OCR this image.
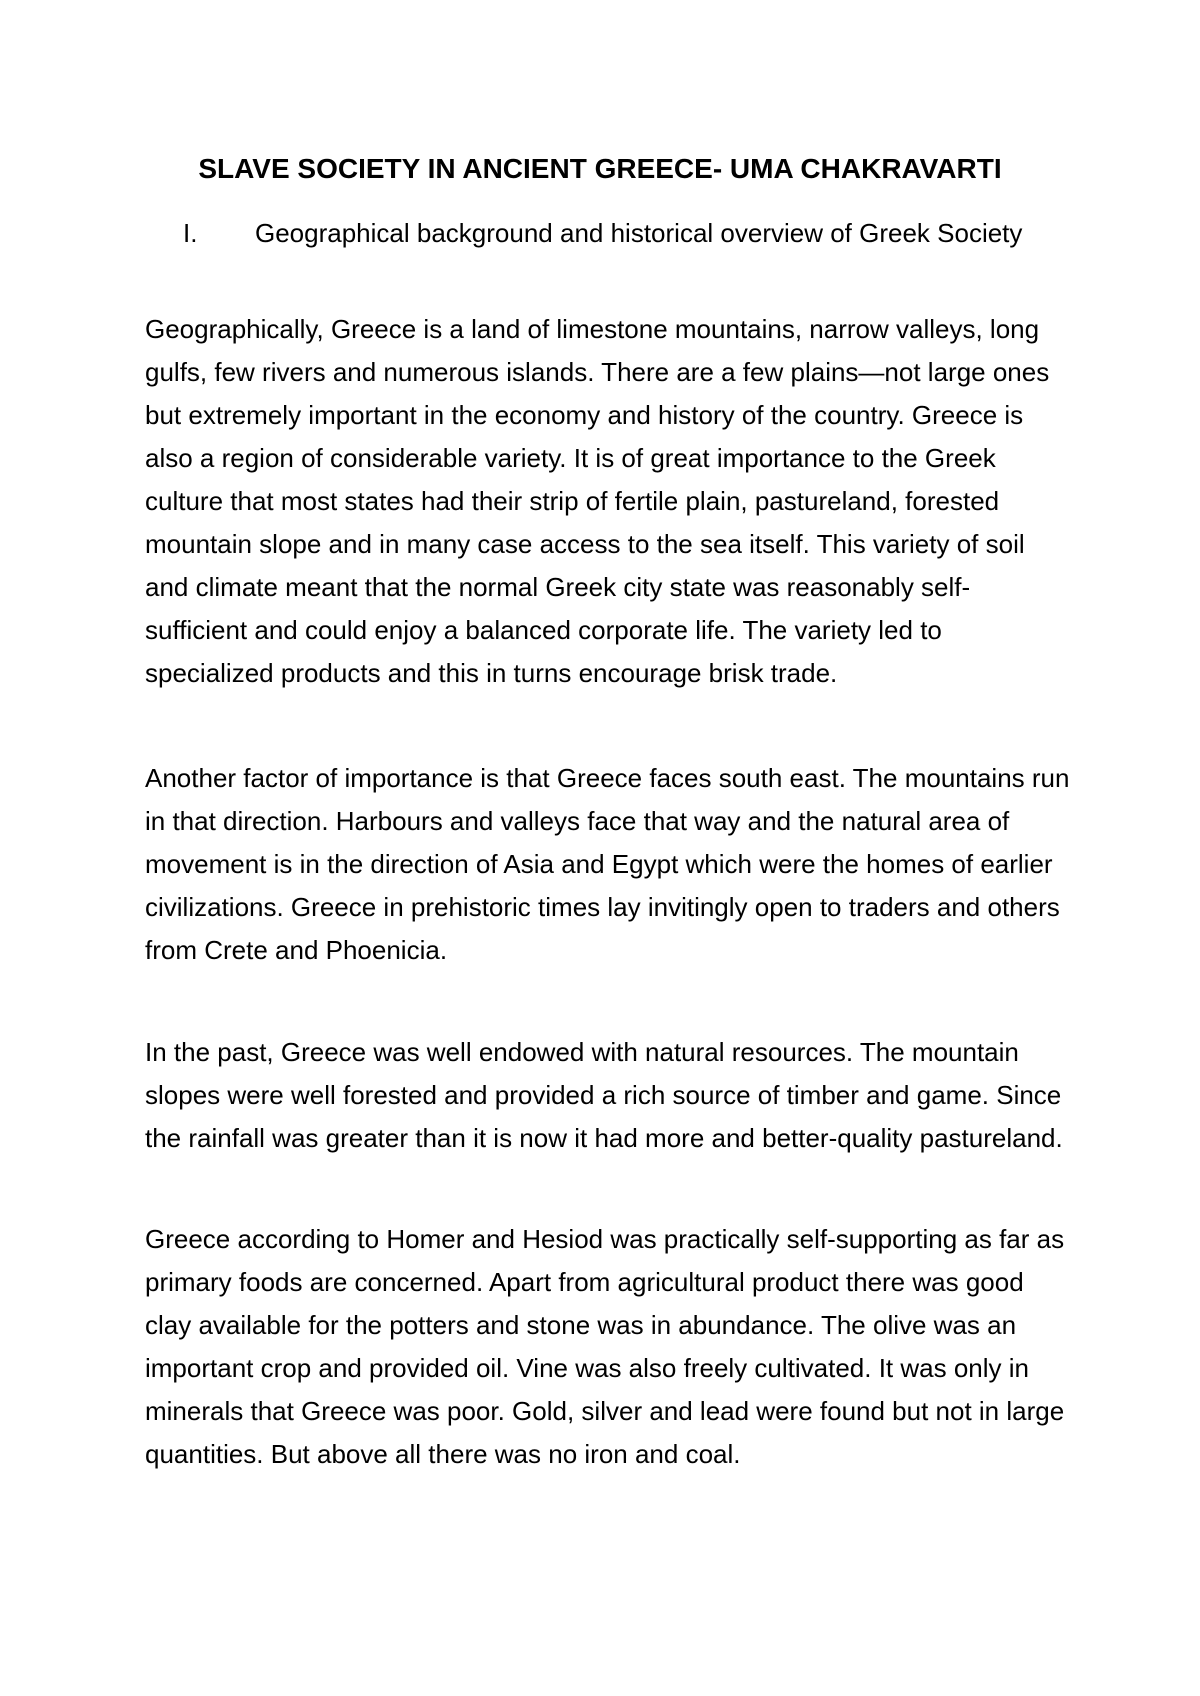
SLAVE SOCIETY IN ANCIENT GREECE- UMA CHAKRAVARTI
I. Geographical background and historical overview of Greek Society

Geographically, Greece is a land of limestone mountains, narrow valleys, long gulfs, few rivers and numerous islands. There are a few plains—not large ones but extremely important in the economy and history of the country. Greece is also a region of considerable variety. It is of great importance to the Greek culture that most states had their strip of fertile plain, pastureland, forested mountain slope and in many case access to the sea itself. This variety of soil and climate meant that the normal Greek city state was reasonably self-sufficient and could enjoy a balanced corporate life. The variety led to specialized products and this in turns encourage brisk trade.

Another factor of importance is that Greece faces south east. The mountains run in that direction. Harbours and valleys face that way and the natural area of movement is in the direction of Asia and Egypt which were the homes of earlier civilizations. Greece in prehistoric times lay invitingly open to traders and others from Crete and Phoenicia.

In the past, Greece was well endowed with natural resources. The mountain slopes were well forested and provided a rich source of timber and game. Since the rainfall was greater than it is now it had more and better-quality pastureland.

Greece according to Homer and Hesiod was practically self-supporting as far as primary foods are concerned. Apart from agricultural product there was good clay available for the potters and stone was in abundance. The olive was an important crop and provided oil. Vine was also freely cultivated. It was only in minerals that Greece was poor. Gold, silver and lead were found but not in large quantities. But above all there was no iron and coal.
